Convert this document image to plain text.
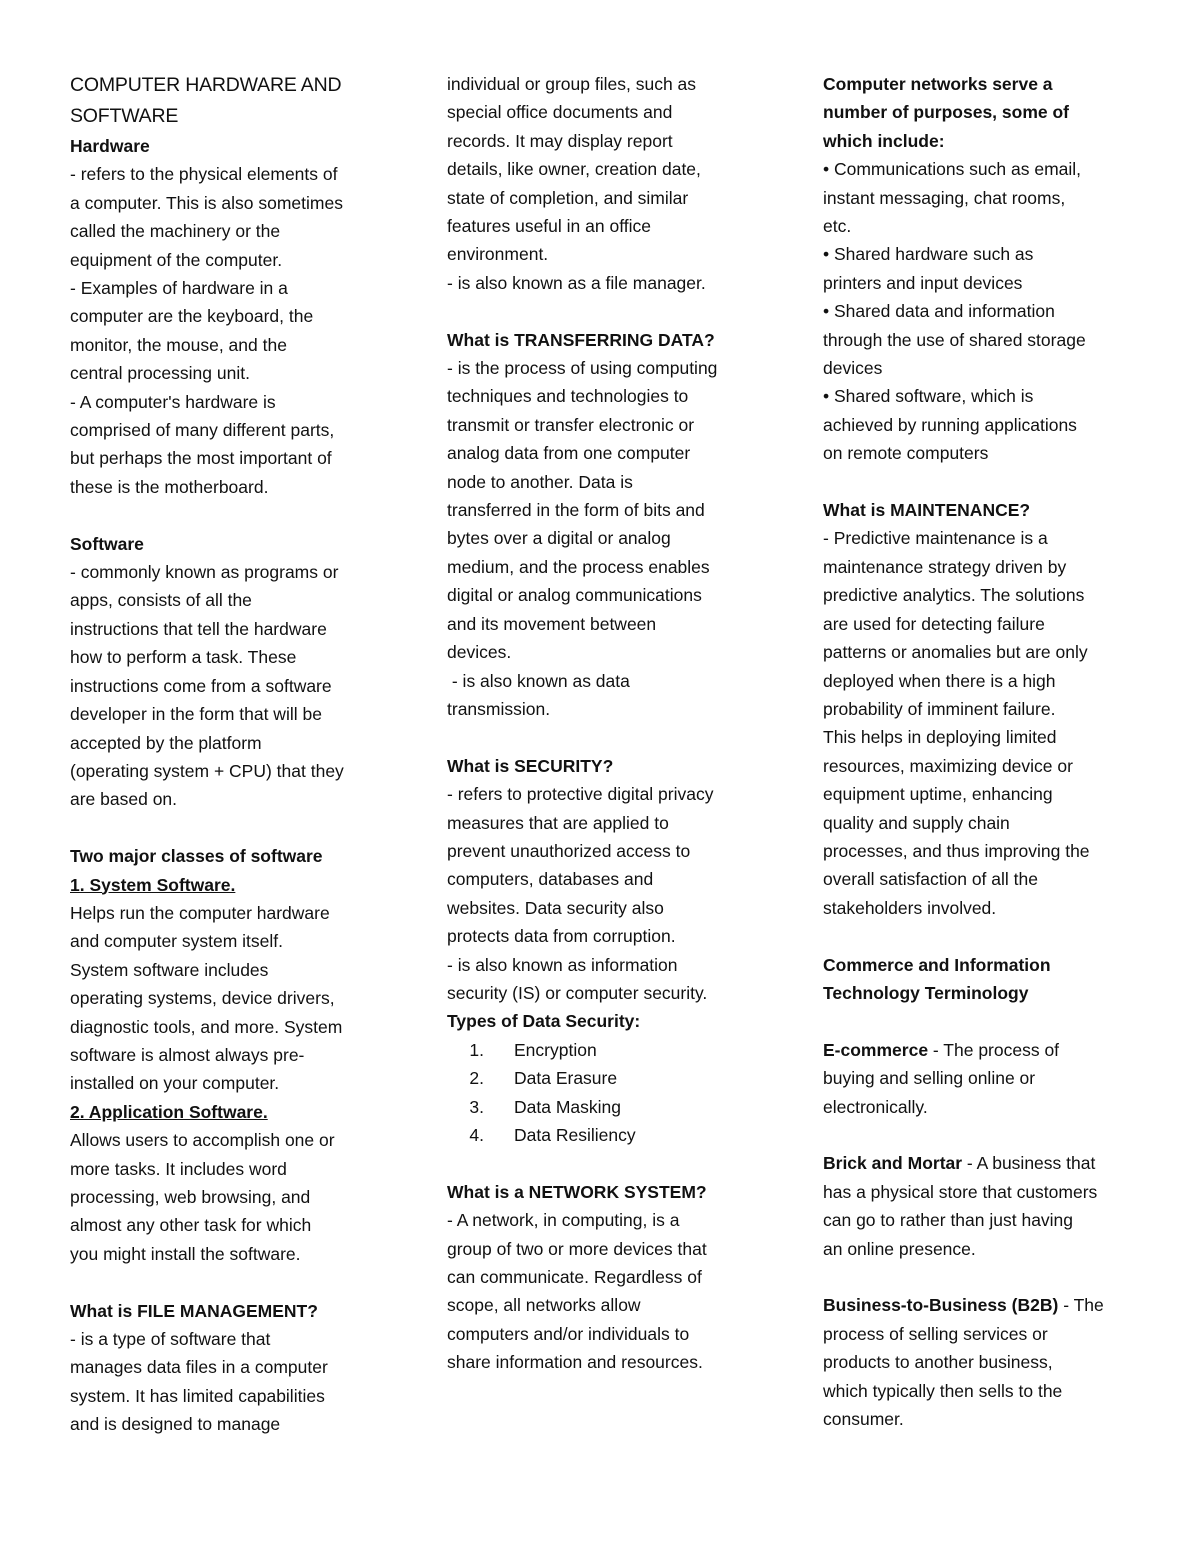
COMPUTER HARDWARE AND
SOFTWARE
Hardware
- refers to the physical elements of
a computer. This is also sometimes
called the machinery or the
equipment of the computer.
- Examples of hardware in a
computer are the keyboard, the
monitor, the mouse, and the
central processing unit.
- A computer's hardware is
comprised of many different parts,
but perhaps the most important of
these is the motherboard.
Software
- commonly known as programs or
apps, consists of all the
instructions that tell the hardware
how to perform a task. These
instructions come from a software
developer in the form that will be
accepted by the platform
(operating system + CPU) that they
are based on.
Two major classes of software
1. System Software.
Helps run the computer hardware
and computer system itself.
System software includes
operating systems, device drivers,
diagnostic tools, and more. System
software is almost always pre-
installed on your computer.
2. Application Software.
Allows users to accomplish one or
more tasks. It includes word
processing, web browsing, and
almost any other task for which
you might install the software.
What is FILE MANAGEMENT?
- is a type of software that
manages data files in a computer
system. It has limited capabilities
and is designed to manage
individual or group files, such as
special office documents and
records. It may display report
details, like owner, creation date,
state of completion, and similar
features useful in an office
environment.
- is also known as a file manager.
What is TRANSFERRING DATA?
- is the process of using computing
techniques and technologies to
transmit or transfer electronic or
analog data from one computer
node to another. Data is
transferred in the form of bits and
bytes over a digital or analog
medium, and the process enables
digital or analog communications
and its movement between
devices.
- is also known as data
transmission.
What is SECURITY?
- refers to protective digital privacy
measures that are applied to
prevent unauthorized access to
computers, databases and
websites. Data security also
protects data from corruption.
- is also known as information
security (IS) or computer security.
Types of Data Security:
1.	Encryption
2.	Data Erasure
3.	Data Masking
4.	Data Resiliency
What is a NETWORK SYSTEM?
- A network, in computing, is a
group of two or more devices that
can communicate. Regardless of
scope, all networks allow
computers and/or individuals to
share information and resources.
Computer networks serve a
number of purposes, some of
which include:
• Communications such as email,
instant messaging, chat rooms,
etc.
• Shared hardware such as
printers and input devices
• Shared data and information
through the use of shared storage
devices
• Shared software, which is
achieved by running applications
on remote computers
What is MAINTENANCE?
- Predictive maintenance is a
maintenance strategy driven by
predictive analytics. The solutions
are used for detecting failure
patterns or anomalies but are only
deployed when there is a high
probability of imminent failure.
This helps in deploying limited
resources, maximizing device or
equipment uptime, enhancing
quality and supply chain
processes, and thus improving the
overall satisfaction of all the
stakeholders involved.
Commerce and Information
Technology Terminology
E-commerce - The process of
buying and selling online or
electronically.
Brick and Mortar - A business that
has a physical store that customers
can go to rather than just having
an online presence.
Business-to-Business (B2B) - The
process of selling services or
products to another business,
which typically then sells to the
consumer.
